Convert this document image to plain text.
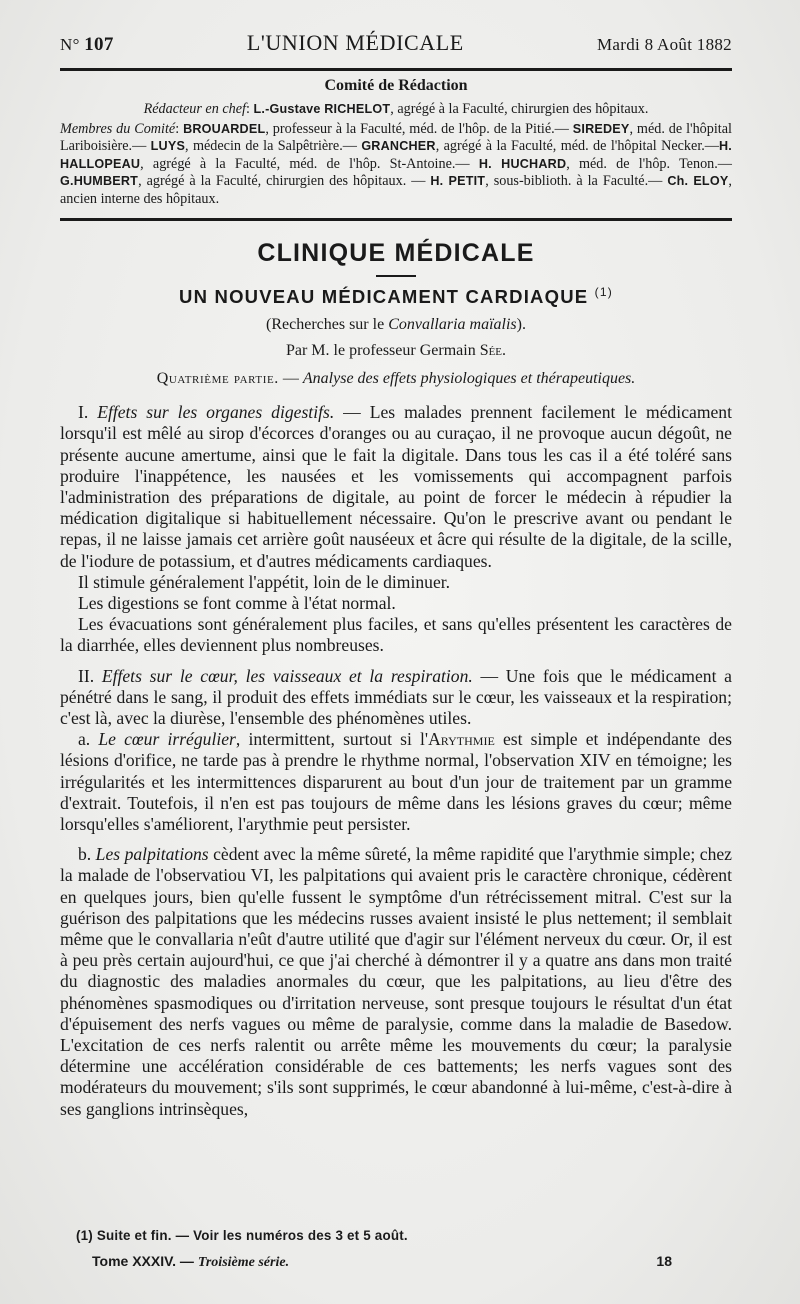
N° 107	L'UNION MÉDICALE	Mardi 8 Août 1882
Comité de Rédaction

Rédacteur en chef: L.-Gustave RICHELOT, agrégé à la Faculté, chirurgien des hôpitaux.

Membres du Comité: BROUARDEL, professeur à la Faculté, méd. de l'hôp. de la Pitié.— SIREDEY, méd. de l'hôpital Lariboisière.— LUYS, médecin de la Salpêtrière.— GRANCHER, agrégé à la Faculté, méd. de l'hôpital Necker.—H. HALLOPEAU, agrégé à la Faculté, méd. de l'hôp. St-Antoine.— H. HUCHARD, méd. de l'hôp. Tenon.—G.HUMBERT, agrégé à la Faculté, chirurgien des hôpitaux. — H. PETIT, sous-biblioth. à la Faculté.— Ch. ELOY, ancien interne des hôpitaux.

CLINIQUE MÉDICALE
UN NOUVEAU MÉDICAMENT CARDIAQUE $^{(1)}$
(Recherches sur le Convallaria maïalis).
Par M. le professeur Germain Sée.
Quatrième partie. — Analyse des effets physiologiques et thérapeutiques.

I. Effets sur les organes digestifs. — Les malades prennent facilement le médicament lorsqu'il est mêlé au sirop d'écorces d'oranges ou au curaçao, il ne provoque aucun dégoût, ne présente aucune amertume, ainsi que le fait la digitale. Dans tous les cas il a été toléré sans produire l'inappétence, les nausées et les vomissements qui accompagnent parfois l'administration des préparations de digitale, au point de forcer le médecin à répudier la médication digitalique si habituellement nécessaire. Qu'on le prescrive avant ou pendant le repas, il ne laisse jamais cet arrière goût nauséeux et âcre qui résulte de la digitale, de la scille, de l'iodure de potassium, et d'autres médicaments cardiaques.

Il stimule généralement l'appétit, loin de le diminuer.

Les digestions se font comme à l'état normal.

Les évacuations sont généralement plus faciles, et sans qu'elles présentent les caractères de la diarrhée, elles deviennent plus nombreuses.

II. Effets sur le cœur, les vaisseaux et la respiration. — Une fois que le médicament a pénétré dans le sang, il produit des effets immédiats sur le cœur, les vaisseaux et la respiration; c'est là, avec la diurèse, l'ensemble des phénomènes utiles.

a. Le cœur irrégulier, intermittent, surtout si l'Arythmie est simple et indépendante des lésions d'orifice, ne tarde pas à prendre le rhythme normal, l'observation XIV en témoigne; les irrégularités et les intermittences disparurent au bout d'un jour de traitement par un gramme d'extrait. Toutefois, il n'en est pas toujours de même dans les lésions graves du cœur; même lorsqu'elles s'améliorent, l'arythmie peut persister.

b. Les palpitations cèdent avec la même sûreté, la même rapidité que l'arythmie simple; chez la malade de l'observatiou VI, les palpitations qui avaient pris le caractère chronique, cédèrent en quelques jours, bien qu'elle fussent le symptôme d'un rétrécissement mitral. C'est sur la guérison des palpitations que les médecins russes avaient insisté le plus nettement; il semblait même que le convallaria n'eût d'autre utilité que d'agir sur l'élément nerveux du cœur. Or, il est à peu près certain aujourd'hui, ce que j'ai cherché à démontrer il y a quatre ans dans mon traité du diagnostic des maladies anormales du cœur, que les palpitations, au lieu d'être des phénomènes spasmodiques ou d'irritation nerveuse, sont presque toujours le résultat d'un état d'épuisement des nerfs vagues ou même de paralysie, comme dans la maladie de Basedow. L'excitation de ces nerfs ralentit ou arrête même les mouvements du cœur; la paralysie détermine une accélération considérable de ces battements; les nerfs vagues sont des modérateurs du mouvement; s'ils sont supprimés, le cœur abandonné à lui-même, c'est-à-dire à ses ganglions intrinsèques,

(1) Suite et fin. — Voir les numéros des 3 et 5 août.
Tome XXXIV. — Troisième série.	18
